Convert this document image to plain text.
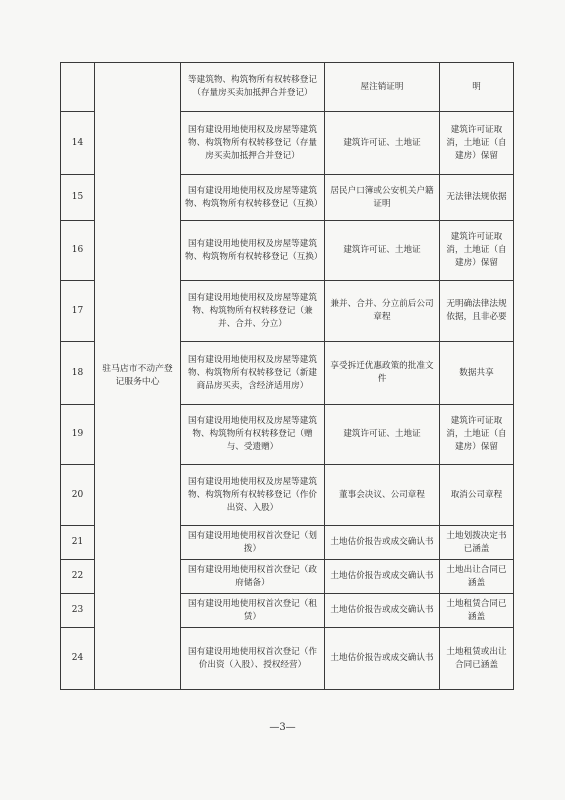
	驻马店市不动产登记服务中心	等建筑物、构筑物所有权转移登记（存量房买卖加抵押合并登记）	屋注销证明	明
14		国有建设用地使用权及房屋等建筑物、构筑物所有权转移登记（存量房买卖加抵押合并登记）	建筑许可证、土地证	建筑许可证取消，土地证（自建房）保留
15		国有建设用地使用权及房屋等建筑物、构筑物所有权转移登记（互换）	居民户口簿或公安机关户籍证明	无法律法规依据
16		国有建设用地使用权及房屋等建筑物、构筑物所有权转移登记（互换）	建筑许可证、土地证	建筑许可证取消，土地证（自建房）保留
17		国有建设用地使用权及房屋等建筑物、构筑物所有权转移登记（兼并、合并、分立）	兼并、合并、分立前后公司章程	无明确法律法规依据，且非必要
18		国有建设用地使用权及房屋等建筑物、构筑物所有权转移登记（新建商品房买卖，含经济适用房）	享受拆迁优惠政策的批准文件	数据共享
19		国有建设用地使用权及房屋等建筑物、构筑物所有权转移登记（赠与、受遗赠）	建筑许可证、土地证	建筑许可证取消，土地证（自建房）保留
20		国有建设用地使用权及房屋等建筑物、构筑物所有权转移登记（作价出资、入股）	董事会决议、公司章程	取消公司章程
21		国有建设用地使用权首次登记（划拨）	土地估价报告或成交确认书	土地划拨决定书已涵盖
22		国有建设用地使用权首次登记（政府储备）	土地估价报告或成交确认书	土地出让合同已涵盖
23		国有建设用地使用权首次登记（租赁）	土地估价报告或成交确认书	土地租赁合同已涵盖
24		国有建设用地使用权首次登记（作价出资（入股）、授权经营）	土地估价报告或成交确认书	土地租赁或出让合同已涵盖
—3—
